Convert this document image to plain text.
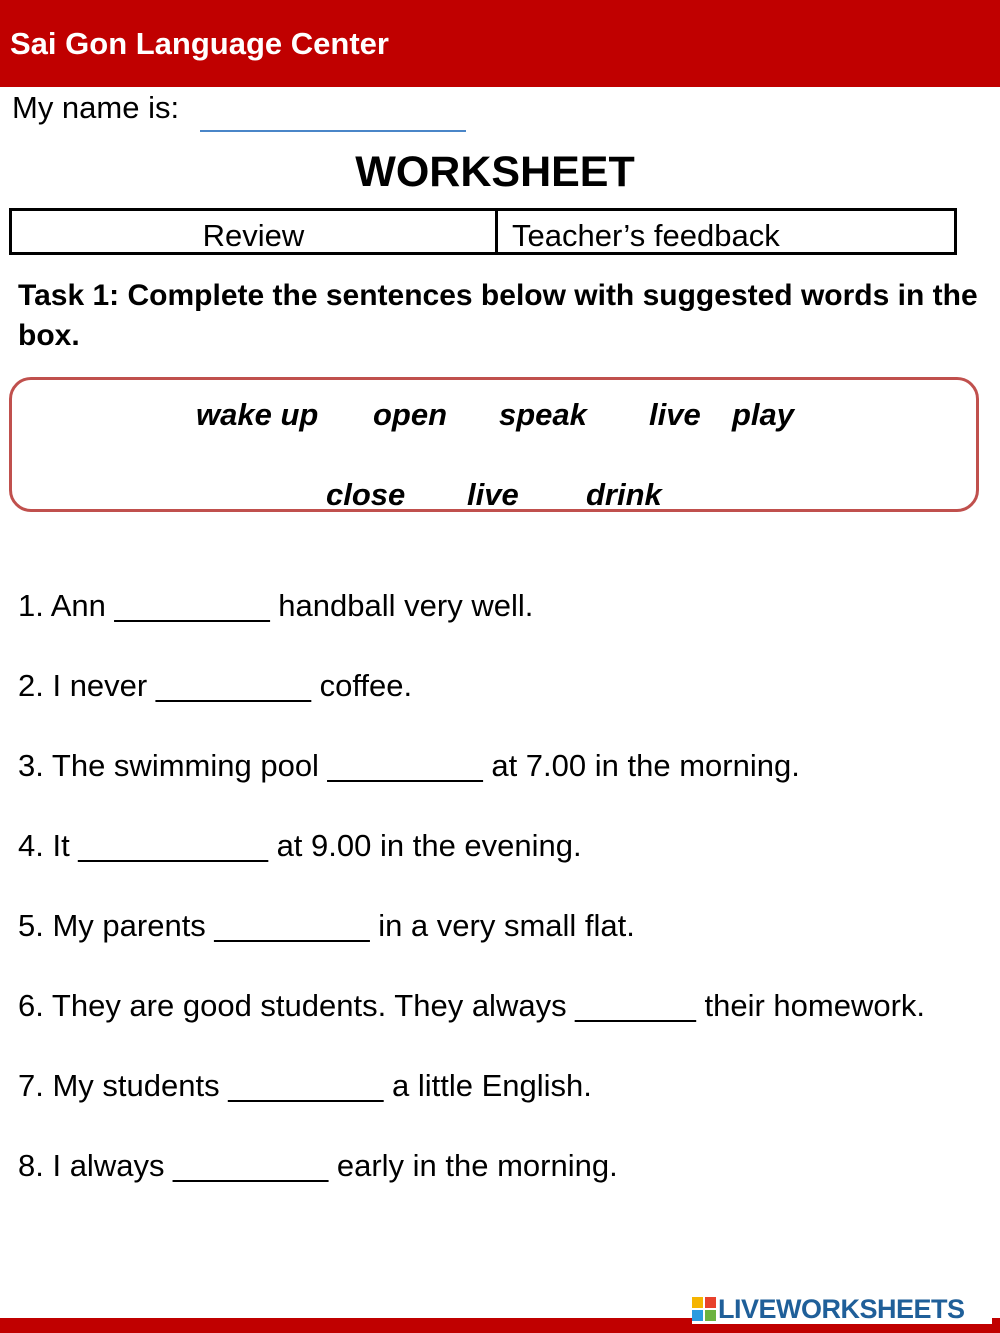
Sai Gon Language Center
My name is:
WORKSHEET
Review	Teacher’s feedback
Task 1: Complete the sentences below with suggested words in the box.
wake up open speak live play
close live drink
1. Ann _________ handball very well.
2. I never _________ coffee.
3. The swimming pool _________ at 7.00 in the morning.
4. It ___________ at 9.00 in the evening.
5. My parents _________ in a very small flat.
6. They are good students. They always _______ their homework.
7. My students _________ a little English.
8. I always _________ early in the morning.
LIVEWORKSHEETS
